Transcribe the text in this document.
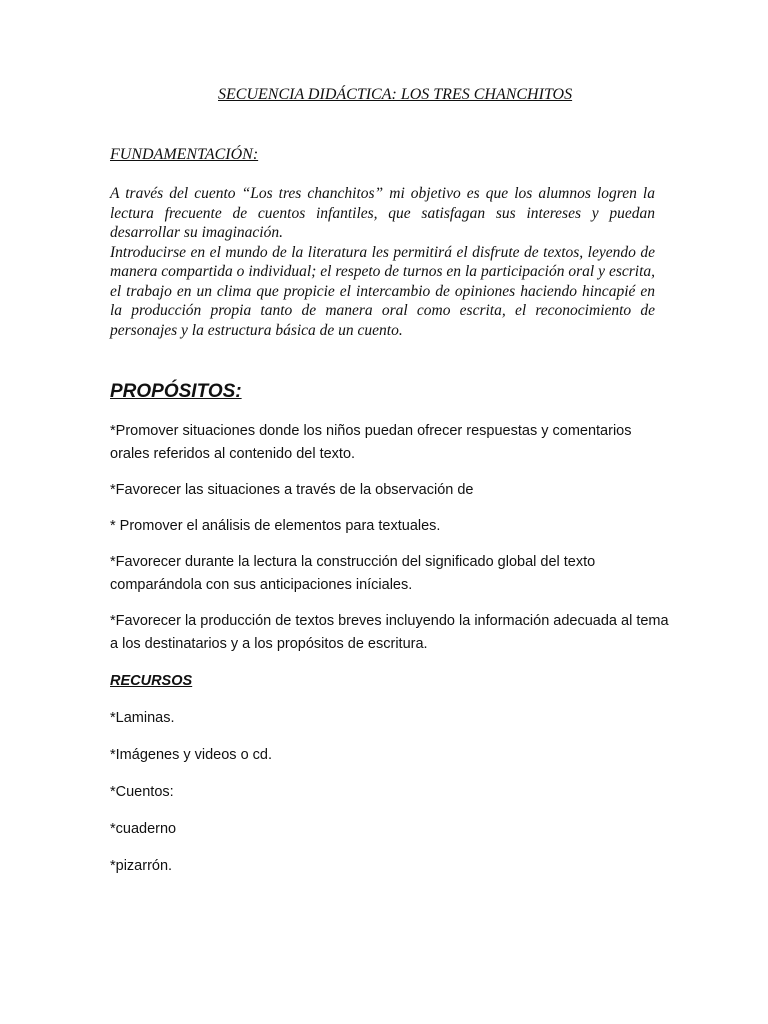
SECUENCIA DIDÁCTICA: LOS TRES CHANCHITOS
FUNDAMENTACIÓN:

A través del cuento “Los tres chanchitos” mi objetivo es que los alumnos logren la lectura frecuente de cuentos infantiles, que satisfagan sus intereses y puedan desarrollar su imaginación.

Introducirse en el mundo de la literatura les permitirá el disfrute de textos, leyendo de manera compartida o individual; el respeto de turnos en la participación oral y escrita, el trabajo en un clima que propicie el intercambio de opiniones haciendo hincapié en la producción propia tanto de manera oral como escrita, el reconocimiento de personajes y la estructura básica de un cuento.

PROPÓSITOS:

*Promover situaciones donde los niños puedan ofrecer respuestas y comentarios orales referidos al contenido del texto.

*Favorecer las situaciones a través de la observación de

* Promover el análisis de elementos para textuales.

*Favorecer durante la lectura la construcción del significado global del texto comparándola con sus anticipaciones iníciales.

*Favorecer la producción de textos breves incluyendo la información adecuada al tema a los destinatarios y a los propósitos de escritura.

RECURSOS
*Laminas.
*Imágenes y videos o cd.
*Cuentos:
*cuaderno
*pizarrón.
